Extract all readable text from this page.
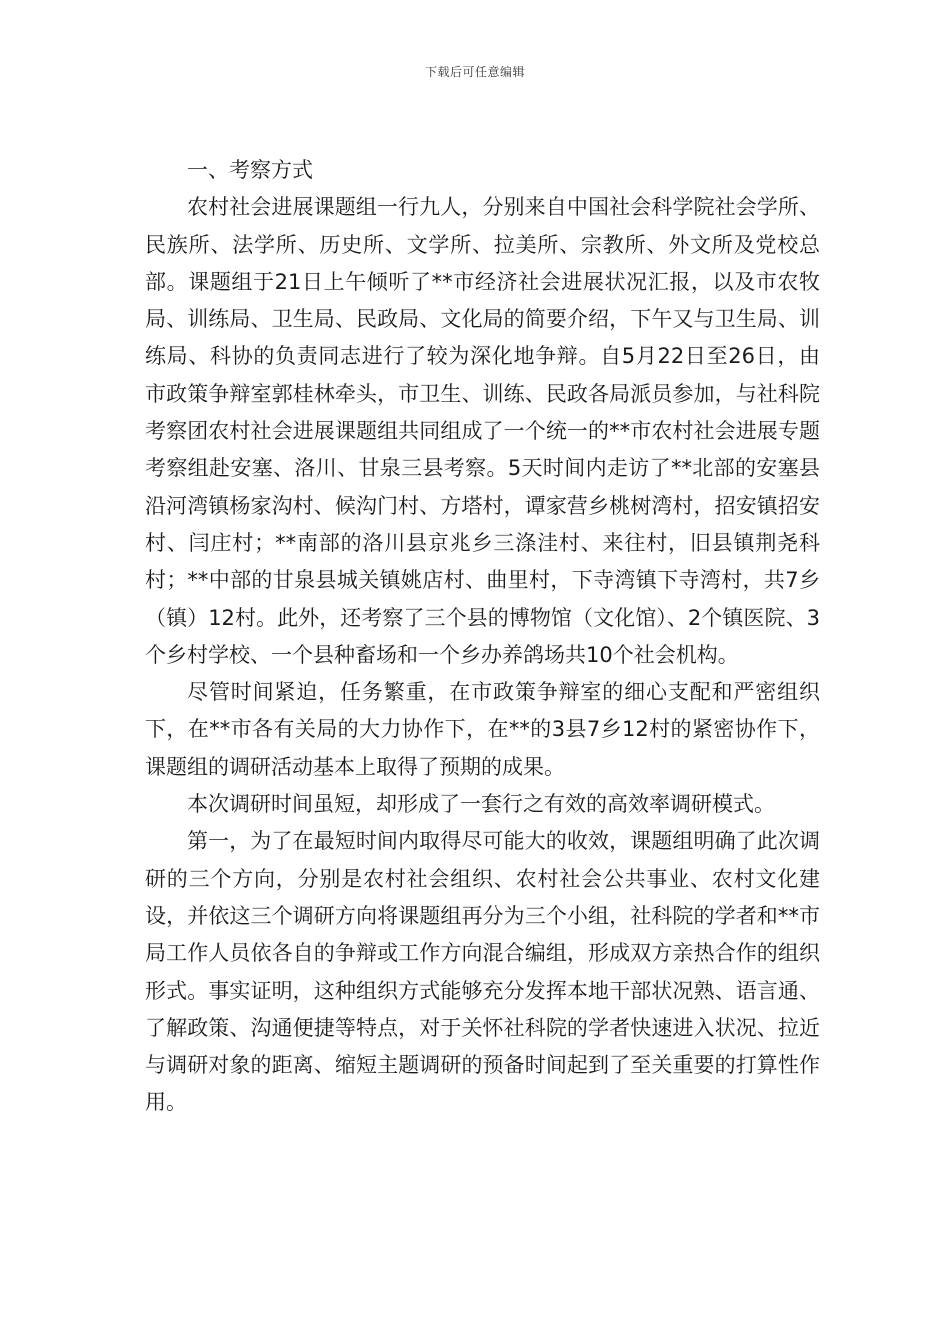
下载后可任意编辑

一、考察方式

农村社会进展课题组一行九人，分别来自中国社会科学院社会学所、民族所、法学所、历史所、文学所、拉美所、宗教所、外文所及党校总部。课题组于21日上午倾听了**市经济社会进展状况汇报，以及市农牧局、训练局、卫生局、民政局、文化局的简要介绍，下午又与卫生局、训练局、科协的负责同志进行了较为深化地争辩。自5月22日至26日，由市政策争辩室郭桂林牵头，市卫生、训练、民政各局派员参加，与社科院考察团农村社会进展课题组共同组成了一个统一的**市农村社会进展专题考察组赴安塞、洛川、甘泉三县考察。5天时间内走访了**北部的安塞县沿河湾镇杨家沟村、候沟门村、方塔村，谭家营乡桃树湾村，招安镇招安村、闫庄村；**南部的洛川县京兆乡三涤洼村、来往村，旧县镇荆尧科村；**中部的甘泉县城关镇姚店村、曲里村，下寺湾镇下寺湾村，共7乡（镇）12村。此外，还考察了三个县的博物馆（文化馆）、2个镇医院、3个乡村学校、一个县种畜场和一个乡办养鸽场共10个社会机构。

尽管时间紧迫，任务繁重，在市政策争辩室的细心支配和严密组织下，在**市各有关局的大力协作下，在**的3县7乡12村的紧密协作下，课题组的调研活动基本上取得了预期的成果。

本次调研时间虽短，却形成了一套行之有效的高效率调研模式。

第一，为了在最短时间内取得尽可能大的收效，课题组明确了此次调研的三个方向，分别是农村社会组织、农村社会公共事业、农村文化建设，并依这三个调研方向将课题组再分为三个小组，社科院的学者和**市局工作人员依各自的争辩或工作方向混合编组，形成双方亲热合作的组织形式。事实证明，这种组织方式能够充分发挥本地干部状况熟、语言通、了解政策、沟通便捷等特点，对于关怀社科院的学者快速进入状况、拉近与调研对象的距离、缩短主题调研的预备时间起到了至关重要的打算性作用。
